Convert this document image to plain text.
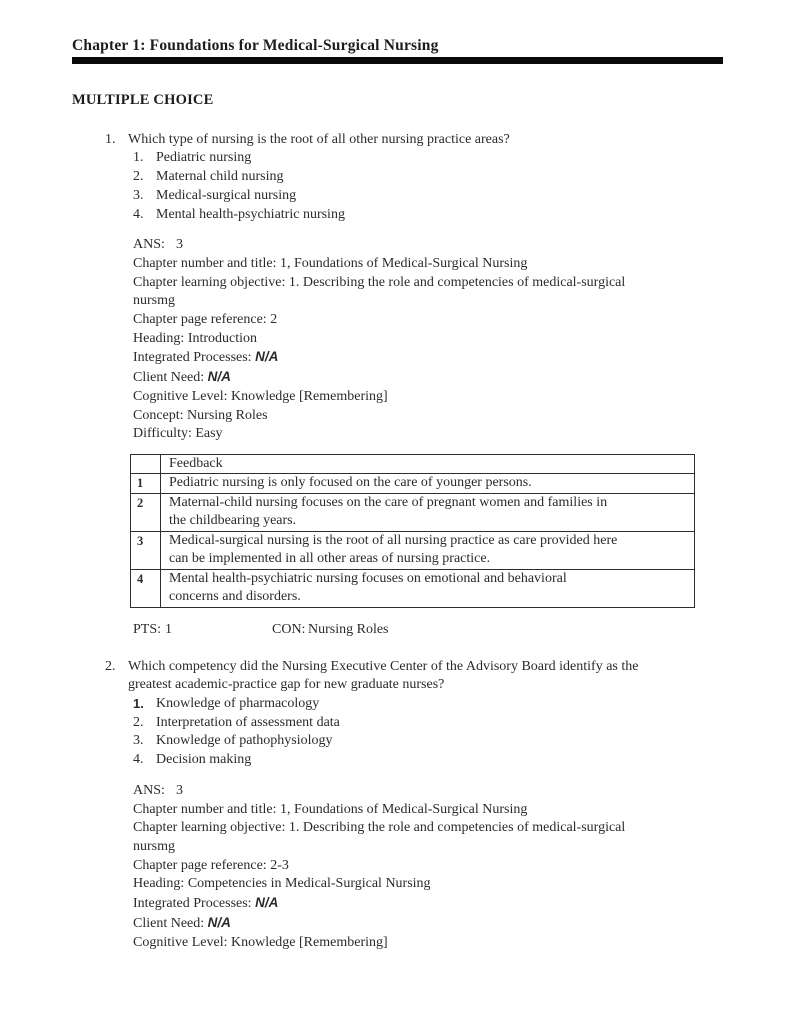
Chapter 1: Foundations for Medical-Surgical Nursing
MULTIPLE CHOICE
1. Which type of nursing is the root of all other nursing practice areas?
1. Pediatric nursing
2. Maternal child nursing
3. Medical-surgical nursing
4. Mental health-psychiatric nursing
ANS: 3
Chapter number and title: 1, Foundations of Medical-Surgical Nursing
Chapter learning objective: 1. Describing the role and competencies of medical-surgical
nursmg
Chapter page reference: 2
Heading: Introduction
Integrated Processes: N/A
Client Need: N/A
Cognitive Level: Knowledge [Remembering]
Concept: Nursing Roles
Difficulty: Easy

	Feedback

1	Pediatric nursing is only focused on the care of younger persons.

2	Maternal-child nursing focuses on the care of pregnant women and families in
the childbearing years.

3	Medical-surgical nursing is the root of all nursing practice as care provided here
can be implemented in all other areas of nursing practice.

4	Mental health-psychiatric nursing focuses on emotional and behavioral
concerns and disorders.
PTS: 1	CON: Nursing Roles
2. Which competency did the Nursing Executive Center of the Advisory Board identify as the
greatest academic-practice gap for new graduate nurses?
1. Knowledge of pharmacology
2. Interpretation of assessment data
3. Knowledge of pathophysiology
4. Decision making
ANS: 3
Chapter number and title: 1, Foundations of Medical-Surgical Nursing
Chapter learning objective: 1. Describing the role and competencies of medical-surgical
nursmg
Chapter page reference: 2-3
Heading: Competencies in Medical-Surgical Nursing
Integrated Processes: N/A
Client Need: N/A
Cognitive Level: Knowledge [Remembering]
